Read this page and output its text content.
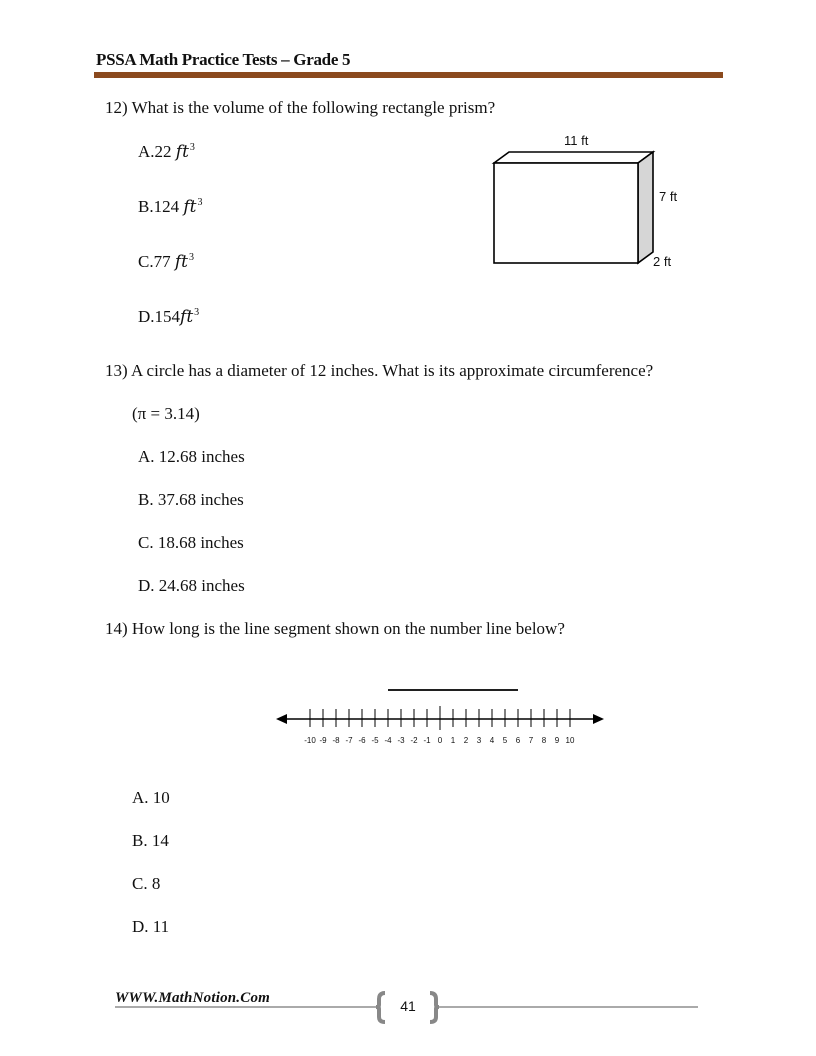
PSSA Math Practice Tests – Grade 5
12) What is the volume of the following rectangle prism?
A.22 $ft^3$
B.124 $ft^3$
C.77 $ft^3$
$D.154ft^3$
11 ft
7 ft
2 ft
13) A circle has a diameter of 12 inches. What is its approximate circumference?
(π = 3.14)
A. 12.68 inches
B. 37.68 inches
C. 18.68 inches
D. 24.68 inches
14) How long is the line segment shown on the number line below?
-10 -9 -8 -7 -6 -5 -4 -3 -2 -1 0 1 2 3 4 5 6 7 8 9 10
A. 10
B. 14
C. 8
D. 11
WWW.MathNotion.Com	41
